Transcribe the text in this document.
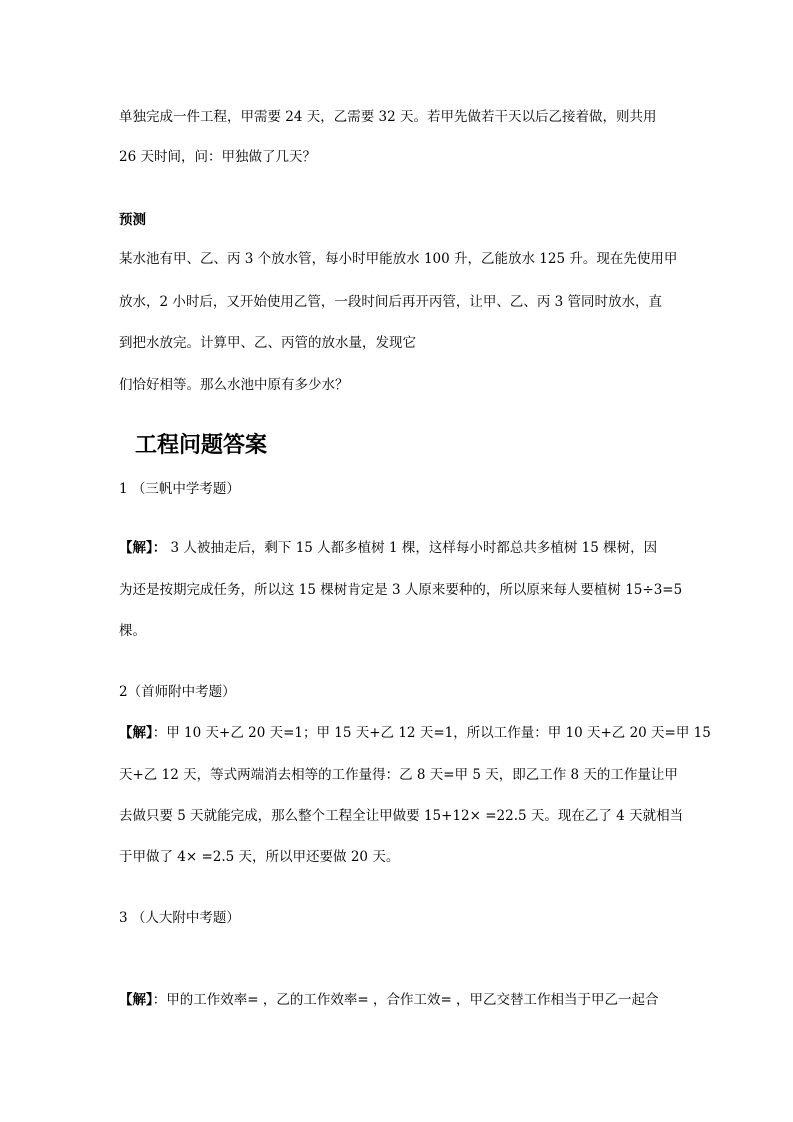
单独完成一件工程，甲需要 24 天，乙需要 32 天。若甲先做若干天以后乙接着做，则共用
26 天时间，问：甲独做了几天？
预测
某水池有甲、乙、丙 3 个放水管，每小时甲能放水 100 升，乙能放水 125 升。现在先使用甲
放水，2 小时后，又开始使用乙管，一段时间后再开丙管，让甲、乙、丙 3 管同时放水，直
到把水放完。计算甲、乙、丙管的放水量，发现它
们恰好相等。那么水池中原有多少水？
工程问题答案
1 （三帆中学考题）
【解】： 3 人被抽走后，剩下 15 人都多植树 1 棵，这样每小时都总共多植树 15 棵树，因
为还是按期完成任务，所以这 15 棵树肯定是 3 人原来要种的，所以原来每人要植树 15÷3=5
棵。
2（首师附中考题）
【解】：甲 10 天+乙 20 天=1；甲 15 天+乙 12 天=1，所以工作量：甲 10 天+乙 20 天=甲 15
天+乙 12 天，等式两端消去相等的工作量得：乙 8 天=甲 5 天，即乙工作 8 天的工作量让甲
去做只要 5 天就能完成，那么整个工程全让甲做要 15+12× =22.5 天。现在乙了 4 天就相当
于甲做了 4× =2.5 天，所以甲还要做 20 天。
3 （人大附中考题）
【解】：甲的工作效率= ，乙的工作效率= ，合作工效= ，甲乙交替工作相当于甲乙一起合
